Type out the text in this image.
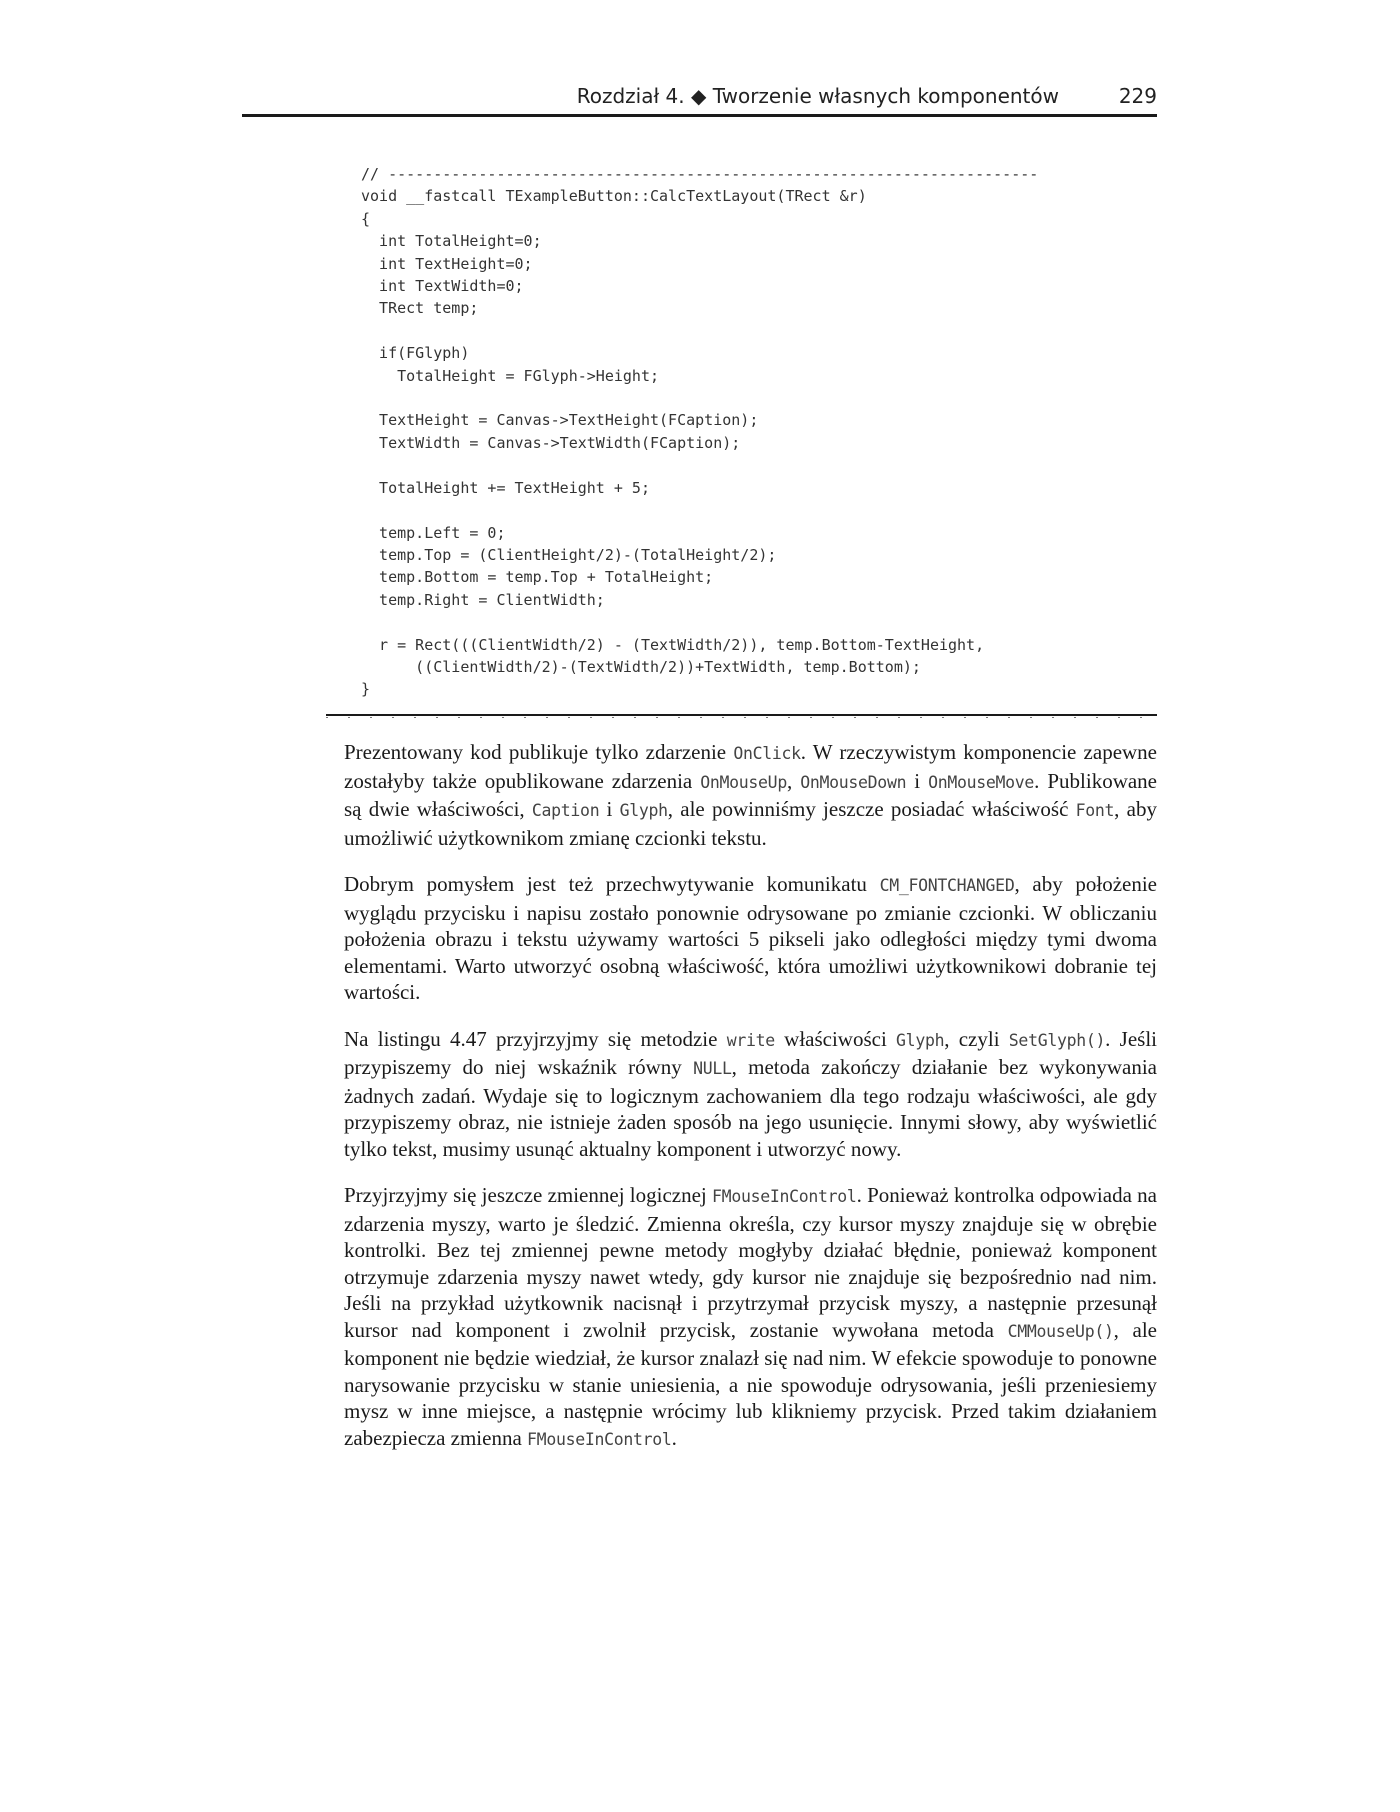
Rozdział 4. ◆ Tworzenie własnych komponentów	229
// ------------------------------------------------------------------------
void __fastcall TExampleButton::CalcTextLayout(TRect &r)
{
int TotalHeight=0;
int TextHeight=0;
int TextWidth=0;
TRect temp;

if(FGlyph)
TotalHeight = FGlyph->Height;

TextHeight = Canvas->TextHeight(FCaption);
TextWidth = Canvas->TextWidth(FCaption);

TotalHeight += TextHeight + 5;

temp.Left = 0;
temp.Top = (ClientHeight/2)-(TotalHeight/2);
temp.Bottom = temp.Top + TotalHeight;
temp.Right = ClientWidth;

r = Rect(((ClientWidth/2) - (TextWidth/2)), temp.Bottom-TextHeight,
((ClientWidth/2)-(TextWidth/2))+TextWidth, temp.Bottom);
}

Prezentowany kod publikuje tylko zdarzenie OnClick. W rzeczywistym komponencie zapewne zostałyby także opublikowane zdarzenia OnMouseUp, OnMouseDown i OnMouseMove. Publikowane są dwie właściwości, Caption i Glyph, ale powinniśmy jeszcze posiadać właściwość Font, aby umożliwić użytkownikom zmianę czcionki tekstu.

Dobrym pomysłem jest też przechwytywanie komunikatu CM_FONTCHANGED, aby położenie wyglądu przycisku i napisu zostało ponownie odrysowane po zmianie czcionki. W obliczaniu położenia obrazu i tekstu używamy wartości 5 pikseli jako odległości między tymi dwoma elementami. Warto utworzyć osobną właściwość, która umożliwi użytkownikowi dobranie tej wartości.

Na listingu 4.47 przyjrzyjmy się metodzie write właściwości Glyph, czyli SetGlyph(). Jeśli przypiszemy do niej wskaźnik równy NULL, metoda zakończy działanie bez wykonywania żadnych zadań. Wydaje się to logicznym zachowaniem dla tego rodzaju właściwości, ale gdy przypiszemy obraz, nie istnieje żaden sposób na jego usunięcie. Innymi słowy, aby wyświetlić tylko tekst, musimy usunąć aktualny komponent i utworzyć nowy.

Przyjrzyjmy się jeszcze zmiennej logicznej FMouseInControl. Ponieważ kontrolka odpowiada na zdarzenia myszy, warto je śledzić. Zmienna określa, czy kursor myszy znajduje się w obrębie kontrolki. Bez tej zmiennej pewne metody mogłyby działać błędnie, ponieważ komponent otrzymuje zdarzenia myszy nawet wtedy, gdy kursor nie znajduje się bezpośrednio nad nim. Jeśli na przykład użytkownik nacisnął i przytrzymał przycisk myszy, a następnie przesunął kursor nad komponent i zwolnił przycisk, zostanie wywołana metoda CMMouseUp(), ale komponent nie będzie wiedział, że kursor znalazł się nad nim. W efekcie spowoduje to ponowne narysowanie przycisku w stanie uniesienia, a nie spowoduje odrysowania, jeśli przeniesiemy mysz w inne miejsce, a następnie wrócimy lub klikniemy przycisk. Przed takim działaniem zabezpiecza zmienna FMouseInControl.
